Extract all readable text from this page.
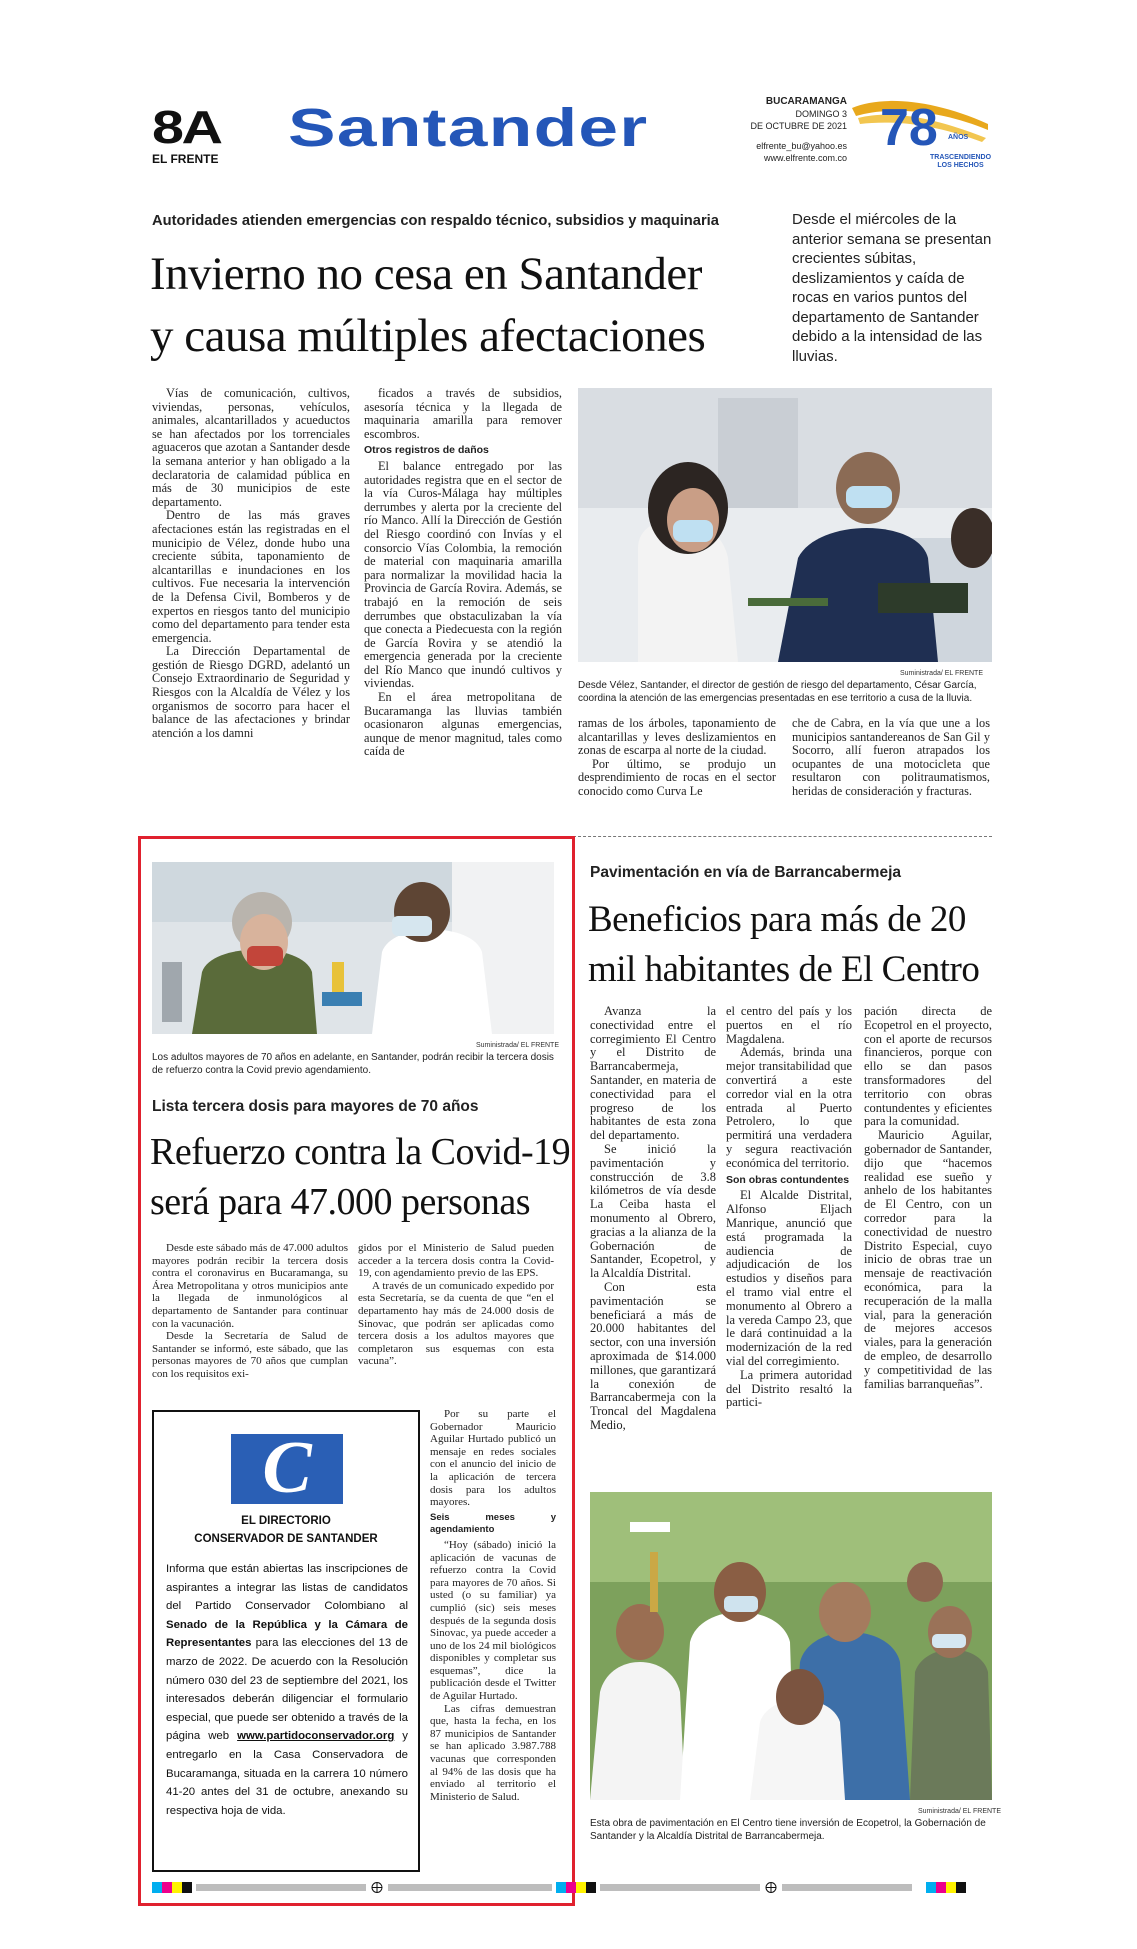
8A
EL FRENTE
Santander	BUCARAMANGA
DOMINGO 3
DE OCTUBRE DE 2021
elfrente_bu@yahoo.es
www.elfrente.com.co
78 AÑOS
TRASCENDIENDO
LOS HECHOS
Autoridades atienden emergencias con respaldo técnico, subsidios y maquinaria
Invierno no cesa en Santander
y causa múltiples afectaciones
Desde el miércoles de la anterior semana se presentan crecientes súbitas, deslizamientos y caída de rocas en varios puntos del departamento de Santander debido a la intensidad de las lluvias.

Vías de comunicación, cultivos, viviendas, personas, vehículos, animales, alcantarillados y acueductos se han afectados por los torrenciales aguaceros que azotan a Santander desde la semana anterior y han obligado a la declaratoria de calamidad pública en más de 30 municipios de este departamento.

Dentro de las más graves afectaciones están las registradas en el municipio de Vélez, donde hubo una creciente súbita, taponamiento de alcantarillas e inundaciones en los cultivos. Fue necesaria la intervención de la Defensa Civil, Bomberos y de expertos en riesgos tanto del municipio como del departamento para tender esta emergencia.

La Dirección Departamental de gestión de Riesgo DGRD, adelantó un Consejo Extraordinario de Seguridad y Riesgos con la Alcaldía de Vélez y los organismos de socorro para hacer el balance de las afectaciones y brindar atención a los damni

ficados a través de subsidios, asesoría técnica y la llegada de maquinaria amarilla para remover escombros.

Otros registros de daños

El balance entregado por las autoridades registra que en el sector de la vía Curos-Málaga hay múltiples derrumbes y alerta por la creciente del río Manco. Allí la Dirección de Gestión del Riesgo coordinó con Invías y el consorcio Vías Colombia, la remoción de material con maquinaria amarilla para normalizar la movilidad hacia la Provincia de García Rovira. Además, se trabajó en la remoción de seis derrumbes que obstaculizaban la vía que conecta a Piedecuesta con la región de García Rovira y se atendió la emergencia generada por la creciente del Río Manco que inundó cultivos y viviendas.

En el área metropolitana de Bucaramanga las lluvias también ocasionaron algunas emergencias, aunque de menor magnitud, tales como caída de

Suministrada/ EL FRENTE
Desde Vélez, Santander, el director de gestión de riesgo del departamento, César García, coordina la atención de las emergencias presentadas en ese territorio a cusa de la lluvia.

ramas de los árboles, taponamiento de alcantarillas y leves deslizamientos en zonas de escarpa al norte de la ciudad.

Por último, se produjo un desprendimiento de rocas en el sector conocido como Curva Le

che de Cabra, en la vía que une a los municipios santandereanos de San Gil y Socorro, allí fueron atrapados los ocupantes de una motocicleta que resultaron con politraumatismos, heridas de consideración y fracturas.

Suministrada/ EL FRENTE
Los adultos mayores de 70 años en adelante, en Santander, podrán recibir la tercera dosis de refuerzo contra la Covid previo agendamiento.
Lista tercera dosis para mayores de 70 años
Refuerzo contra la Covid-19
será para 47.000 personas

Desde este sábado más de 47.000 adultos mayores podrán recibir la tercera dosis contra el coronavirus en Bucaramanga, su Área Metropolitana y otros municipios ante la llegada de inmunológicos al departamento de Santander para continuar con la vacunación.

Desde la Secretaría de Salud de Santander se informó, este sábado, que las personas mayores de 70 años que cumplan con los requisitos exi-

gidos por el Ministerio de Salud pueden acceder a la tercera dosis contra la Covid-19, con agendamiento previo de las EPS.

A través de un comunicado expedido por esta Secretaría, se da cuenta de que “en el departamento hay más de 24.000 dosis de Sinovac, que podrán ser aplicadas como tercera dosis a los adultos mayores que completaron sus esquemas con esta vacuna”.

Por su parte el Gobernador Mauricio Aguilar Hurtado publicó un mensaje en redes sociales con el anuncio del inicio de la aplicación de tercera dosis para los adultos mayores.

Seis meses y agendamiento

“Hoy (sábado) inició la aplicación de vacunas de refuerzo contra la Covid para mayores de 70 años. Si usted (o su familiar) ya cumplió (sic) seis meses después de la segunda dosis Sinovac, ya puede acceder a uno de los 24 mil biológicos disponibles y completar sus esquemas”, dice la publicación desde el Twitter de Aguilar Hurtado.

Las cifras demuestran que, hasta la fecha, en los 87 municipios de Santander se han aplicado 3.987.788 vacunas que corresponden al 94% de las dosis que ha enviado al territorio el Ministerio de Salud.

C
EL DIRECTORIO
CONSERVADOR DE SANTANDER
Informa que están abiertas las inscripciones de aspirantes a integrar las listas de candidatos del Partido Conservador Colombiano al Senado de la República y la Cámara de Representantes para las elecciones del 13 de marzo de 2022. De acuerdo con la Resolución número 030 del 23 de septiembre del 2021, los interesados deberán diligenciar el formulario especial, que puede ser obtenido a través de la página web www.partidoconservador.org y entregarlo en la Casa Conservadora de Bucaramanga, situada en la carrera 10 número 41-20 antes del 31 de octubre, anexando su respectiva hoja de vida.
Pavimentación en vía de Barrancabermeja
Beneficios para más de 20
mil habitantes de El Centro

Avanza la conectividad entre el corregimiento El Centro y el Distrito de Barrancabermeja, Santander, en materia de conectividad para el progreso de los habitantes de esta zona del departamento.

Se inició la pavimentación y construcción de 3.8 kilómetros de vía desde La Ceiba hasta el monumento al Obrero, gracias a la alianza de la Gobernación de Santander, Ecopetrol, y la Alcaldía Distrital.

Con esta pavimentación se beneficiará a más de 20.000 habitantes del sector, con una inversión aproximada de $14.000 millones, que garantizará la conexión de Barrancabermeja con la Troncal del Magdalena Medio,

el centro del país y los puertos en el río Magdalena.

Además, brinda una mejor transitabilidad que convertirá a este corredor vial en la otra entrada al Puerto Petrolero, lo que permitirá una verdadera y segura reactivación económica del territorio.

Son obras contundentes

El Alcalde Distrital, Alfonso Eljach Manrique, anunció que está programada la audiencia de adjudicación de los estudios y diseños para el tramo vial entre el monumento al Obrero a la vereda Campo 23, que le dará continuidad a la modernización de la red vial del corregimiento.

La primera autoridad del Distrito resaltó la partici-

pación directa de Ecopetrol en el proyecto, con el aporte de recursos financieros, porque con ello se dan pasos transformadores del territorio con obras contundentes y eficientes para la comunidad.

Mauricio Aguilar, gobernador de Santander, dijo que “hacemos realidad ese sueño y anhelo de los habitantes de El Centro, con un corredor para la conectividad de nuestro Distrito Especial, cuyo inicio de obras trae un mensaje de reactivación económica, para la recuperación de la malla vial, para la generación de mejores accesos viales, para la generación de empleo, de desarrollo y competitividad de las familias barranqueñas”.

Suministrada/ EL FRENTE
Esta obra de pavimentación en El Centro tiene inversión de Ecopetrol, la Gobernación de Santander y la Alcaldía Distrital de Barrancabermeja.
